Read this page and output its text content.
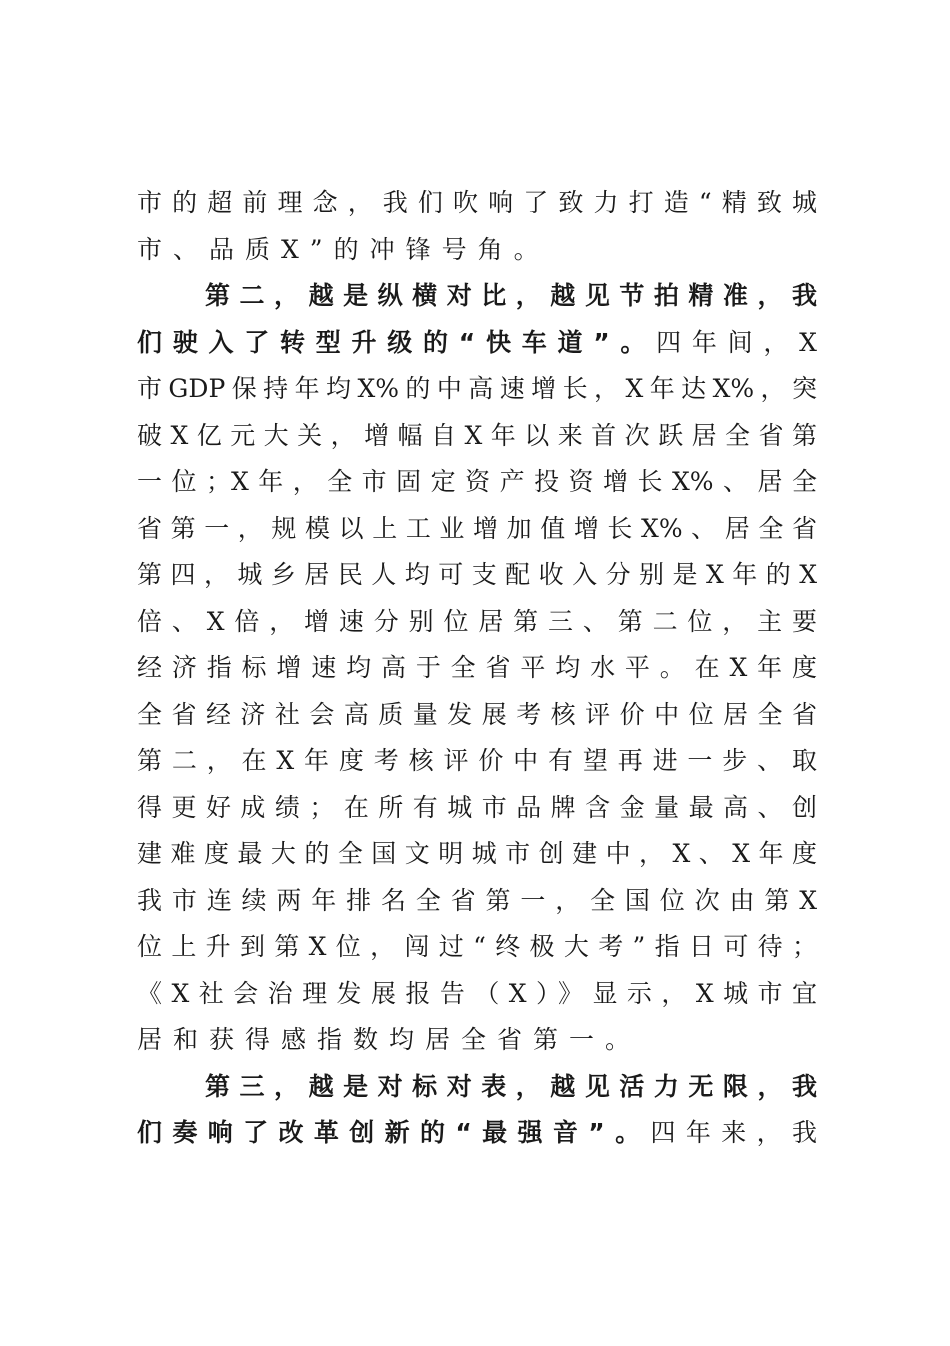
市的超前理念，我们吹响了致力打造“精致城
市、品质X”的冲锋号角。
第二，越是纵横对比，越见节拍精准，我
们驶入了转型升级的“快车道”。四年间，X
市GDP保持年均X%的中高速增长，X年达X%，突
破X亿元大关，增幅自X年以来首次跃居全省第
一位；X年，全市固定资产投资增长X%、居全
省第一，规模以上工业增加值增长X%、居全省
第四，城乡居民人均可支配收入分别是X年的X
倍、X倍，增速分别位居第三、第二位，主要
经济指标增速均高于全省平均水平。在X年度
全省经济社会高质量发展考核评价中位居全省
第二，在X年度考核评价中有望再进一步、取
得更好成绩；在所有城市品牌含金量最高、创
建难度最大的全国文明城市创建中，X、X年度
我市连续两年排名全省第一，全国位次由第X
位上升到第X位，闯过“终极大考”指日可待；
《X社会治理发展报告（X）》显示，X城市宜
居和获得感指数均居全省第一。
第三，越是对标对表，越见活力无限，我
们奏响了改革创新的“最强音”。四年来，我
